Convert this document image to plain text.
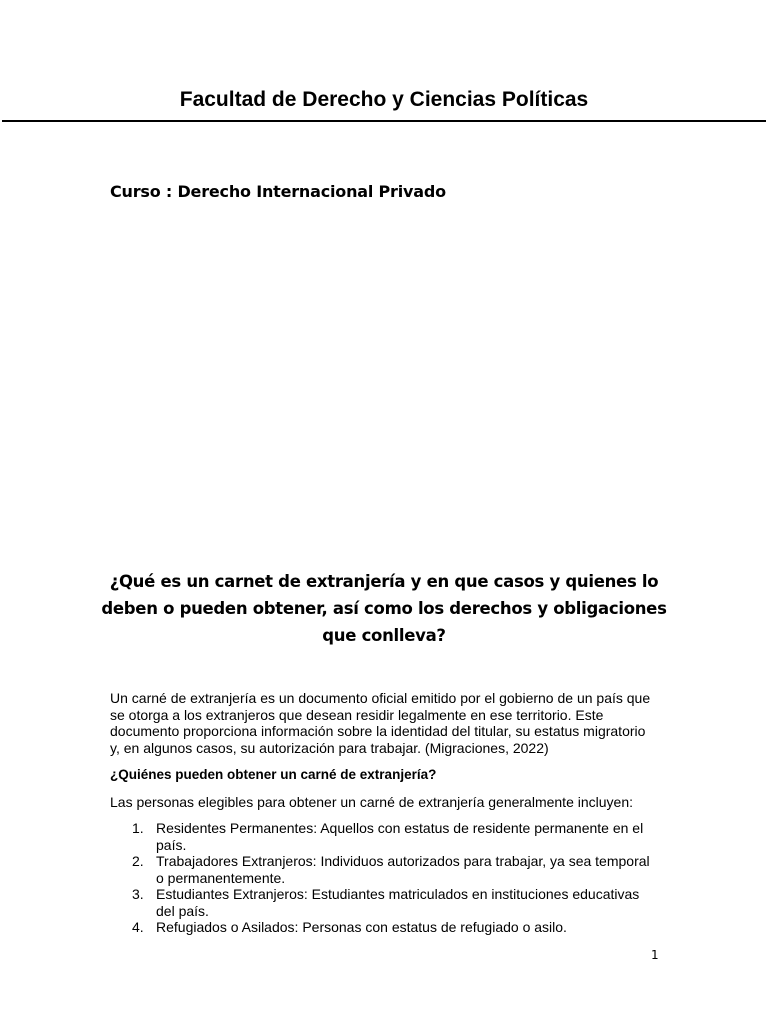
Facultad de Derecho y Ciencias Políticas
Curso : Derecho Internacional Privado
¿Qué es un carnet de extranjería y en que casos y quienes lo deben o pueden obtener, así como los derechos y obligaciones que conlleva?
Un carné de extranjería es un documento oficial emitido por el gobierno de un país que se otorga a los extranjeros que desean residir legalmente en ese territorio. Este documento proporciona información sobre la identidad del titular, su estatus migratorio y, en algunos casos, su autorización para trabajar. (Migraciones, 2022)
¿Quiénes pueden obtener un carné de extranjería?
Las personas elegibles para obtener un carné de extranjería generalmente incluyen:
1. Residentes Permanentes: Aquellos con estatus de residente permanente en el país.
2. Trabajadores Extranjeros: Individuos autorizados para trabajar, ya sea temporal o permanentemente.
3. Estudiantes Extranjeros: Estudiantes matriculados en instituciones educativas del país.
4. Refugiados o Asilados: Personas con estatus de refugiado o asilo.
1
